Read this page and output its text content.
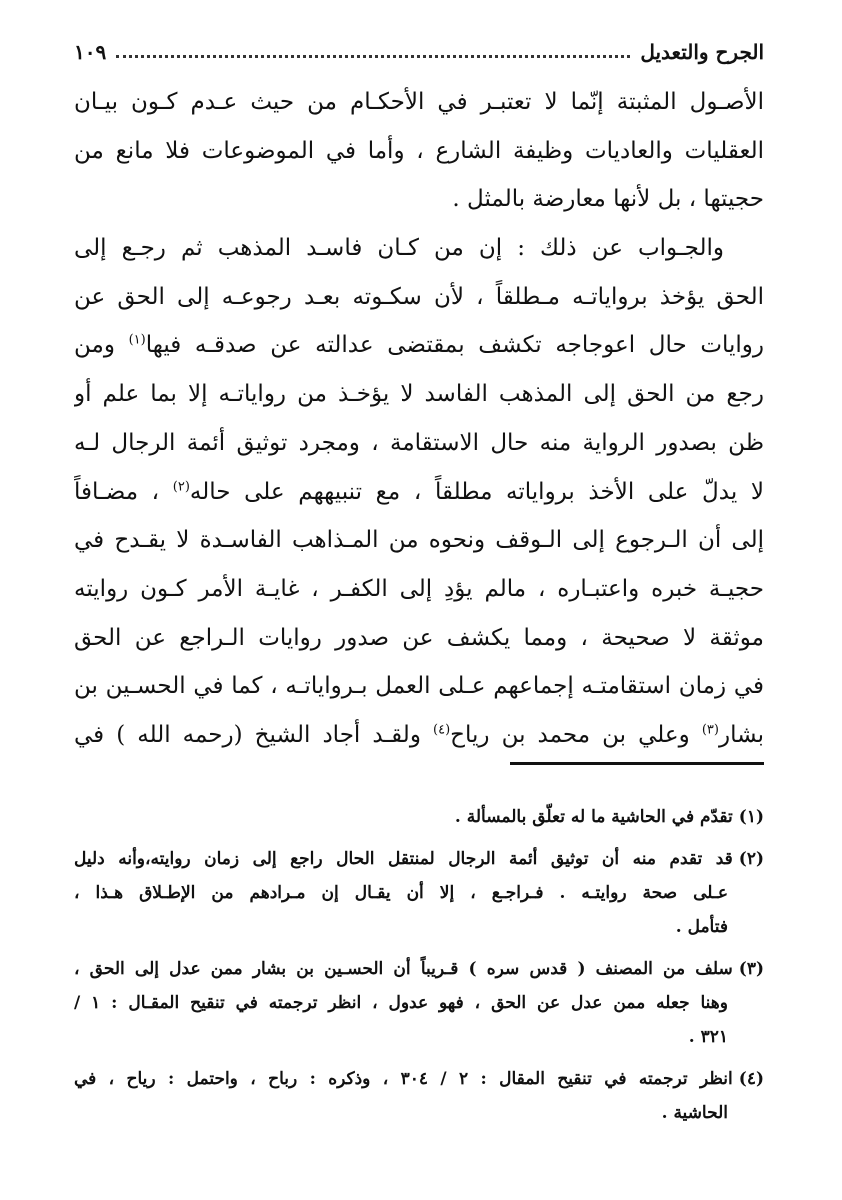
الجرح والتعديل
١٠٩
الأصـول المثبتة إنّما لا تعتبـر في الأحكـام من حيث عـدم كـون بيـان
العقليات والعاديات وظيفة الشارع ، وأما في الموضوعات فلا مانع من
حجيتها ، بل لأنها معارضة بالمثل .
والجـواب عن ذلك : إن من كـان فاسـد المذهب ثم رجـع إلى
الحق يؤخذ برواياتـه مـطلقاً ، لأن سكـوته بعـد رجوعـه إلى الحق عن
روايات حال اعوجاجه تكشف بمقتضى عدالته عن صدقـه فيها$^{(١)}$ ومن
رجع من الحق إلى المذهب الفاسد لا يؤخـذ من رواياتـه إلا بما علم أو
ظن بصدور الرواية منه حال الاستقامة ، ومجرد توثيق أئمة الرجال لـه
لا يدلّ على الأخذ برواياته مطلقاً ، مع تنبيههم على حاله$^{(٢)}$ ، مضـافاً
إلى أن الـرجوع إلى الـوقف ونحوه من المـذاهب الفاسـدة لا يقـدح في
حجيـة خبره واعتبـاره ، مالم يؤدِ إلى الكفـر ، غايـة الأمر كـون روايته
موثقة لا صحيحة ، ومما يكشف عن صدور روايات الـراجع عن الحق
في زمان استقامتـه إجماعهم عـلى العمل بـرواياتـه ، كما في الحسـين بن
بشار$^{(٣)}$ وعلي بن محمد بن رياح$^{(٤)}$ ولقـد أجاد الشيخ (رحمه الله ) في
(١)تقدّم في الحاشية ما له تعلّق بالمسألة .
(٢)قد تقدم منه أن توثيق أئمة الرجال لمنتقل الحال راجع إلى زمان روايته،وأنه دليل
عـلى صحة روايتـه . فـراجـع ، إلا أن يقـال إن مـرادهم من الإطـلاق هـذا ،
فتأمل .
(٣)سلف من المصنف ( قدس سره ) قـريباً أن الحسـين بن بشار ممن عدل إلى الحق ،
وهنا جعله ممن عدل عن الحق ، فهو عدول ، انظر ترجمته في تنقيح المقـال : ١ /
٣٢١ .
(٤)انظر ترجمته في تنقيح المقال : ٢ / ٣٠٤ ، وذكره : رباح ، واحتمل : رياح ، في
الحاشية .
